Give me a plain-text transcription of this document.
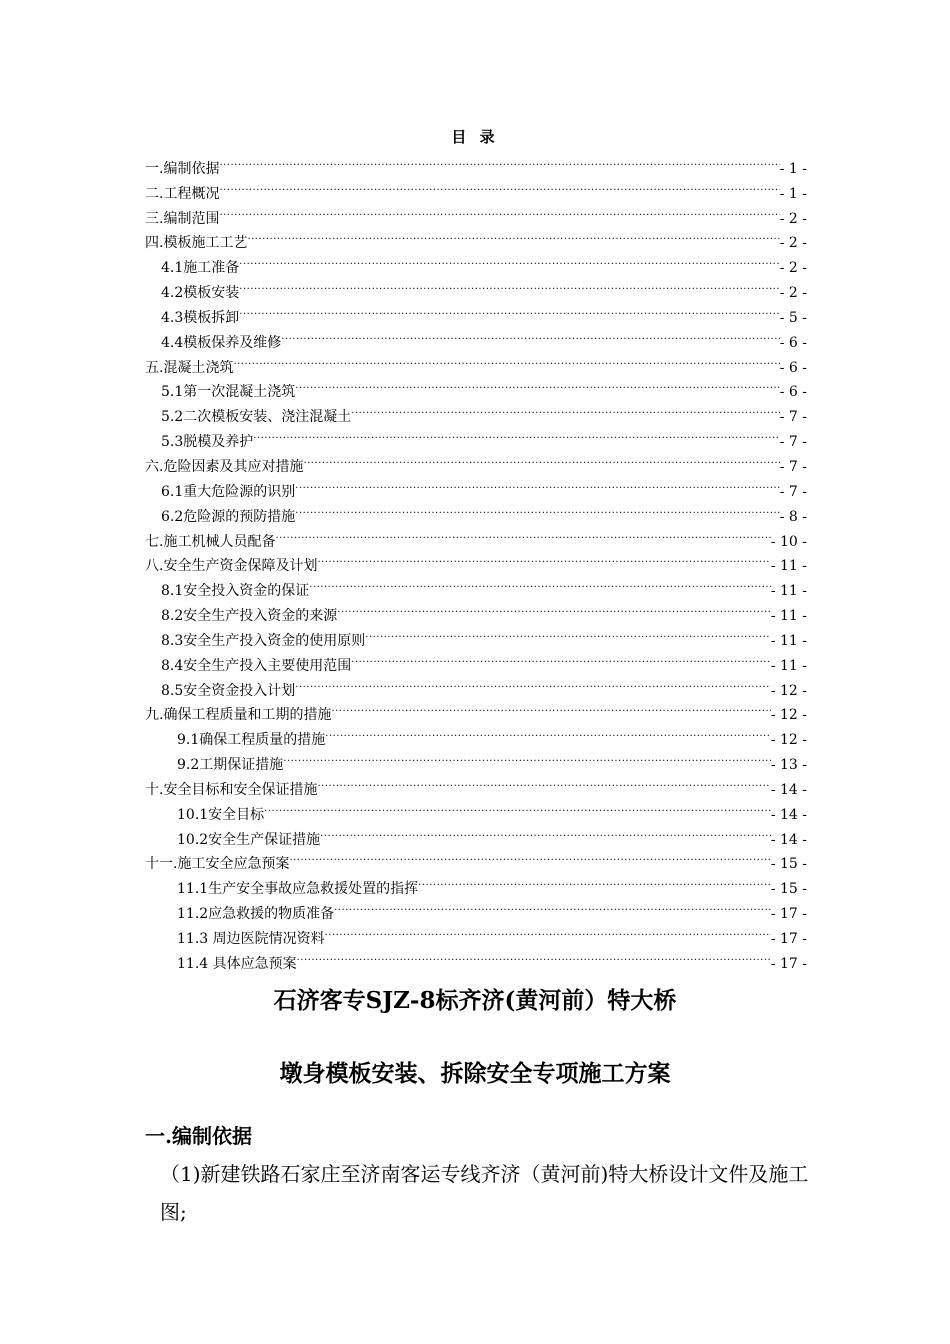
目 录
一.编制依据 .....	- 1 -
二.工程概况 .....	- 1 -
三.编制范围 .....	- 2 -
四.模板施工工艺 .....	- 2 -
4.1施工准备 .....	- 2 -
4.2模板安装 .....	- 2 -
4.3模板拆卸 .....	- 5 -
4.4模板保养及维修 .....	- 6 -
五.混凝土浇筑 .....	- 6 -
5.1第一次混凝土浇筑 .....	- 6 -
5.2二次模板安装、浇注混凝土 .....	- 7 -
5.3脱模及养护 .....	- 7 -
六.危险因素及其应对措施 .....	- 7 -
6.1重大危险源的识别 .....	- 7 -
6.2危险源的预防措施 .....	- 8 -
七.施工机械人员配备 .....	- 10 -
八.安全生产资金保障及计划 .....	- 11 -
8.1安全投入资金的保证 .....	- 11 -
8.2安全生产投入资金的来源 .....	- 11 -
8.3安全生产投入资金的使用原则 .....	- 11 -
8.4安全生产投入主要使用范围 .....	- 11 -
8.5安全资金投入计划 .....	- 12 -
九.确保工程质量和工期的措施 .....	- 12 -
9.1确保工程质量的措施 .....	- 12 -
9.2工期保证措施 .....	- 13 -
十.安全目标和安全保证措施 .....	- 14 -
10.1安全目标 .....	- 14 -
10.2安全生产保证措施 .....	- 14 -
十一.施工安全应急预案 .....	- 15 -
11.1生产安全事故应急救援处置的指挥 .....	- 15 -
11.2应急救援的物质准备 .....	- 17 -
11.3 周边医院情况资料 .....	- 17 -
11.4 具体应急预案 .....	- 17 -
石济客专SJZ-8标齐济(黄河前）特大桥
墩身模板安装、拆除安全专项施工方案
一.编制依据
（1)新建铁路石家庄至济南客运专线齐济（黄河前)特大桥设计文件及施工图;
